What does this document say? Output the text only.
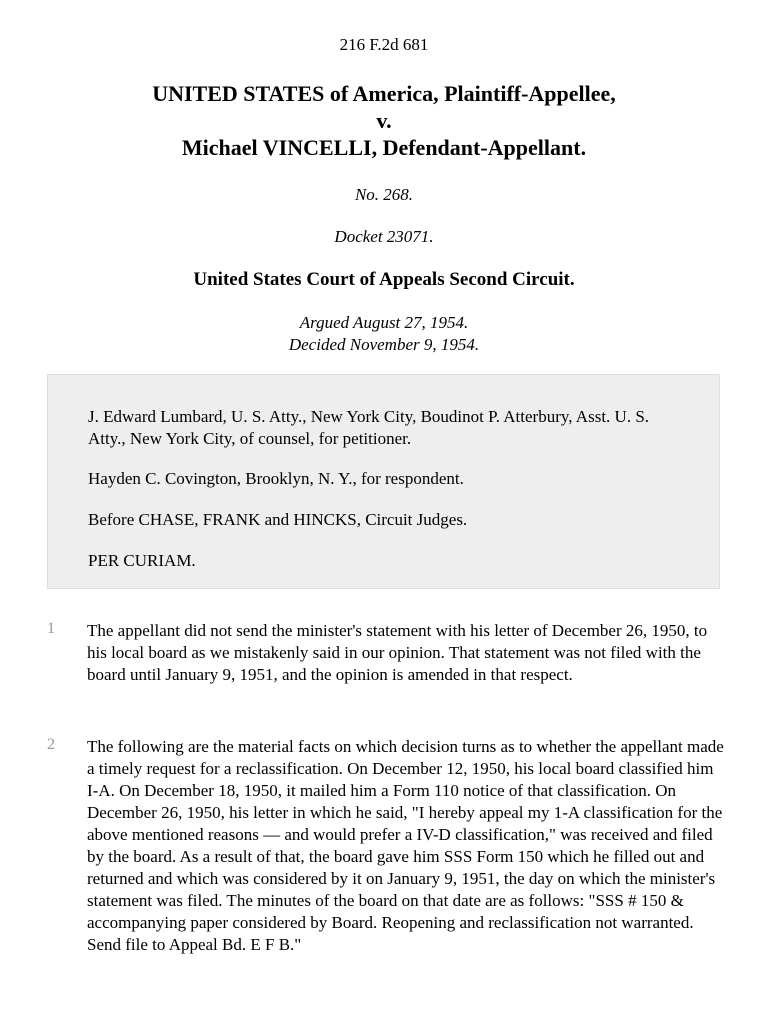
216 F.2d 681
UNITED STATES of America, Plaintiff-Appellee,
v.
Michael VINCELLI, Defendant-Appellant.
No. 268.
Docket 23071.
United States Court of Appeals Second Circuit.
Argued August 27, 1954.
Decided November 9, 1954.
J. Edward Lumbard, U. S. Atty., New York City, Boudinot P. Atterbury, Asst. U. S. Atty., New York City, of counsel, for petitioner.
Hayden C. Covington, Brooklyn, N. Y., for respondent.
Before CHASE, FRANK and HINCKS, Circuit Judges.
PER CURIAM.
1 The appellant did not send the minister's statement with his letter of December 26, 1950, to his local board as we mistakenly said in our opinion. That statement was not filed with the board until January 9, 1951, and the opinion is amended in that respect.
2 The following are the material facts on which decision turns as to whether the appellant made a timely request for a reclassification. On December 12, 1950, his local board classified him I-A. On December 18, 1950, it mailed him a Form 110 notice of that classification. On December 26, 1950, his letter in which he said, "I hereby appeal my 1-A classification for the above mentioned reasons — and would prefer a IV-D classification," was received and filed by the board. As a result of that, the board gave him SSS Form 150 which he filled out and returned and which was considered by it on January 9, 1951, the day on which the minister's statement was filed. The minutes of the board on that date are as follows: "SSS # 150 & accompanying paper considered by Board. Reopening and reclassification not warranted. Send file to Appeal Bd. E F B."
